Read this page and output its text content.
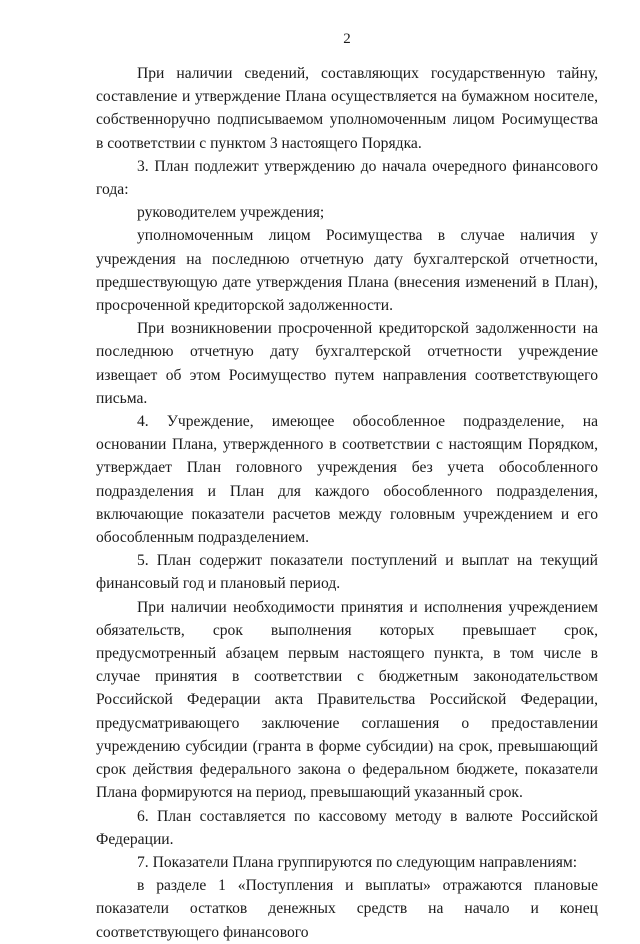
2

При наличии сведений, составляющих государственную тайну, составление и утверждение Плана осуществляется на бумажном носителе, собственноручно подписываемом уполномоченным лицом Росимущества в соответствии с пунктом 3 настоящего Порядка.

3. План подлежит утверждению до начала очередного финансового года:

руководителем учреждения;

уполномоченным лицом Росимущества в случае наличия у учреждения на последнюю отчетную дату бухгалтерской отчетности, предшествующую дате утверждения Плана (внесения изменений в План), просроченной кредиторской задолженности.

При возникновении просроченной кредиторской задолженности на последнюю отчетную дату бухгалтерской отчетности учреждение извещает об этом Росимущество путем направления соответствующего письма.

4. Учреждение, имеющее обособленное подразделение, на основании Плана, утвержденного в соответствии с настоящим Порядком, утверждает План головного учреждения без учета обособленного подразделения и План для каждого обособленного подразделения, включающие показатели расчетов между головным учреждением и его обособленным подразделением.

5. План содержит показатели поступлений и выплат на текущий финансовый год и плановый период.

При наличии необходимости принятия и исполнения учреждением обязательств, срок выполнения которых превышает срок, предусмотренный абзацем первым настоящего пункта, в том числе в случае принятия в соответствии с бюджетным законодательством Российской Федерации акта Правительства Российской Федерации, предусматривающего заключение соглашения о предоставлении учреждению субсидии (гранта в форме субсидии) на срок, превышающий срок действия федерального закона о федеральном бюджете, показатели Плана формируются на период, превышающий указанный срок.

6. План составляется по кассовому методу в валюте Российской Федерации.

7. Показатели Плана группируются по следующим направлениям:

в разделе 1 «Поступления и выплаты» отражаются плановые показатели остатков денежных средств на начало и конец соответствующего финансового
